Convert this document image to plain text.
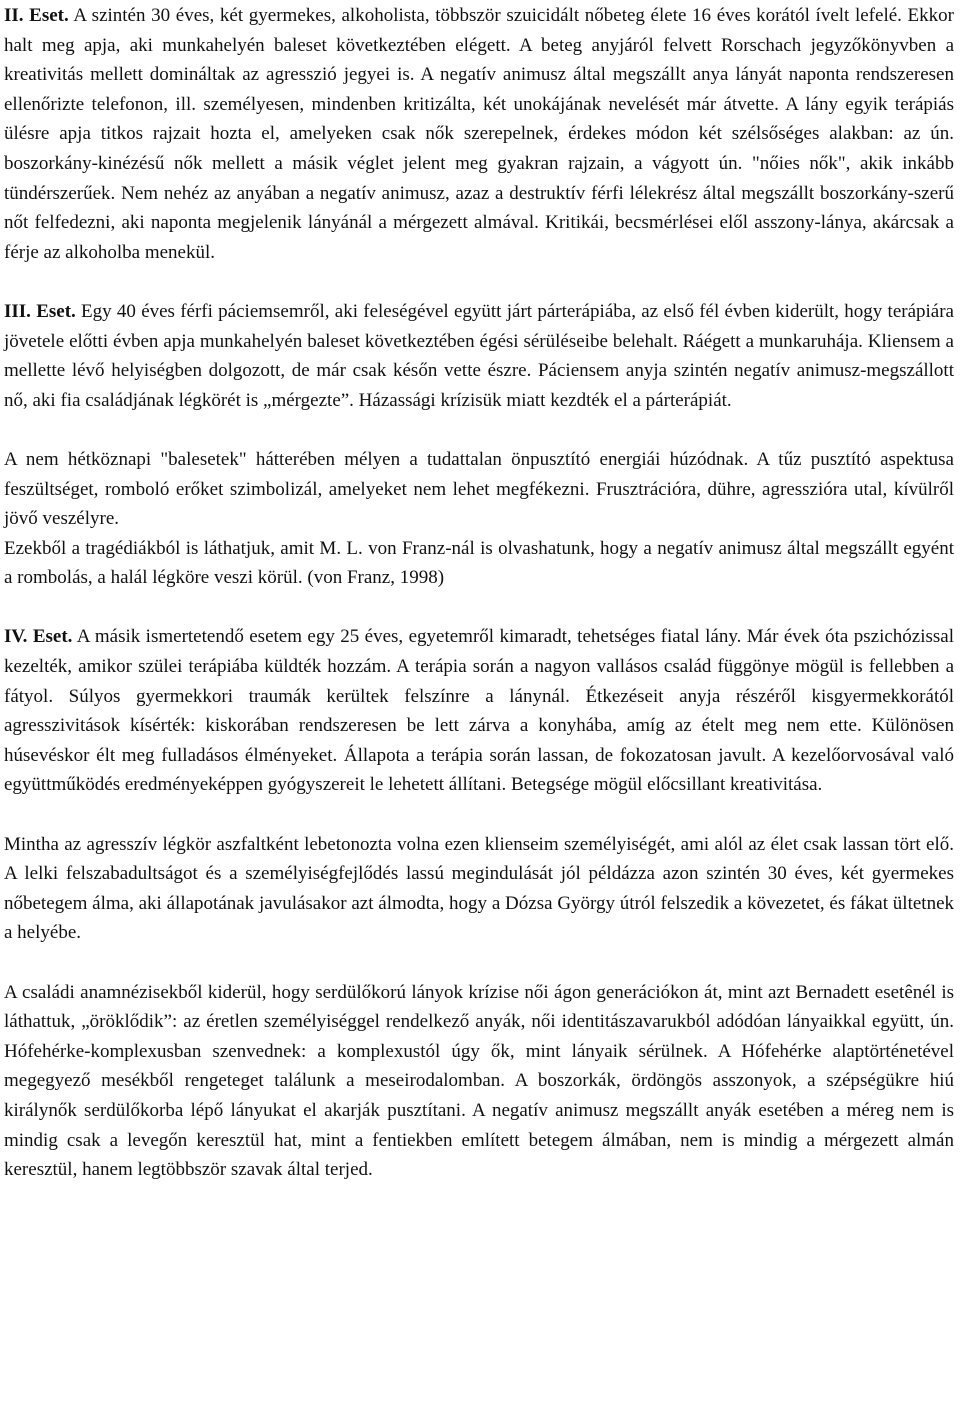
II. Eset. A szintén 30 éves, két gyermekes, alkoholista, többször szuicidált nőbeteg élete 16 éves korától ívelt lefelé. Ekkor halt meg apja, aki munkahelyén baleset következtében elégett. A beteg anyjáról felvett Rorschach jegyzőkönyvben a kreativitás mellett domináltak az agresszió jegyei is. A negatív animusz által megszállt anya lányát naponta rendszeresen ellenőrizte telefonon, ill. személyesen, mindenben kritizálta, két unokájának nevelését már átvette. A lány egyik terápiás ülésre apja titkos rajzait hozta el, amelyeken csak nők szerepelnek, érdekes módon két szélsőséges alakban: az ún. boszorkány-kinézésű nők mellett a másik véglet jelent meg gyakran rajzain, a vágyott ún. "nőies nők", akik inkább tündérszerűek. Nem nehéz az anyában a negatív animusz, azaz a destruktív férfi lélekrész által megszállt boszorkány-szerű nőt felfedezni, aki naponta megjelenik lányánál a mérgezett almával. Kritikái, becsmérlései elől asszony-lánya, akárcsak a férje az alkoholba menekül.

III. Eset. Egy 40 éves férfi páciemsemről, aki feleségével együtt járt párterápiába, az első fél évben kiderült, hogy terápiára jövetele előtti évben apja munkahelyén baleset következtében égési sérüléseibe belehalt. Ráégett a munkaruhája. Kliensem a mellette lévő helyiségben dolgozott, de már csak későn vette észre. Páciensem anyja szintén negatív animusz-megszállott nő, aki fia családjának légkörét is „mérgezte”. Házassági krízisük miatt kezdték el a párterápiát.

A nem hétköznapi "balesetek" hátterében mélyen a tudattalan önpusztító energiái húzódnak. A tűz pusztító aspektusa feszültséget, romboló erőket szimbolizál, amelyeket nem lehet megfékezni. Frusztrációra, dühre, agresszióra utal, kívülről jövő veszélyre.

Ezekből a tragédiákból is láthatjuk, amit M. L. von Franz-nál is olvashatunk, hogy a negatív animusz által megszállt egyént a rombolás, a halál légköre veszi körül. (von Franz, 1998)

IV. Eset. A másik ismertetendő esetem egy 25 éves, egyetemről kimaradt, tehetséges fiatal lány. Már évek óta pszichózissal kezelték, amikor szülei terápiába küldték hozzám. A terápia során a nagyon vallásos család függönye mögül is fellebben a fátyol. Súlyos gyermekkori traumák kerültek felszínre a lánynál. Étkezéseit anyja részéről kisgyermekkorától agresszivitások kísérték: kiskorában rendszeresen be lett zárva a konyhába, amíg az ételt meg nem ette. Különösen húsevéskor élt meg fulladásos élményeket. Állapota a terápia során lassan, de fokozatosan javult. A kezelőorvosával való együttműködés eredményeképpen gyógyszereit le lehetett állítani. Betegsége mögül előcsillant kreativitása.

Mintha az agresszív légkör aszfaltként lebetonozta volna ezen klienseim személyiségét, ami alól az élet csak lassan tört elő. A lelki felszabadultságot és a személyiségfejlődés lassú megindulását jól példázza azon szintén 30 éves, két gyermekes nőbetegem álma, aki állapotának javulásakor azt álmodta, hogy a Dózsa György útról felszedik a kövezetet, és fákat ültetnek a helyébe.

A családi anamnézisekből kiderül, hogy serdülőkorú lányok krízise női ágon generációkon át, mint azt Bernadett esetênél is láthattuk, „öröklődik”: az éretlen személyiséggel rendelkező anyák, női identitászavarukból adódóan lányaikkal együtt, ún. Hófehérke-komplexusban szenvednek: a komplexustól úgy ők, mint lányaik sérülnek. A Hófehérke alaptörténetével megegyező mesékből rengeteget találunk a meseirodalomban. A boszorkák, ördöngös asszonyok, a szépségükre hiú királynők serdülőkorba lépő lányukat el akarják pusztítani. A negatív animusz megszállt anyák esetében a méreg nem is mindig csak a levegőn keresztül hat, mint a fentiekben említett betegem álmában, nem is mindig a mérgezett almán keresztül, hanem legtöbbször szavak által terjed.
